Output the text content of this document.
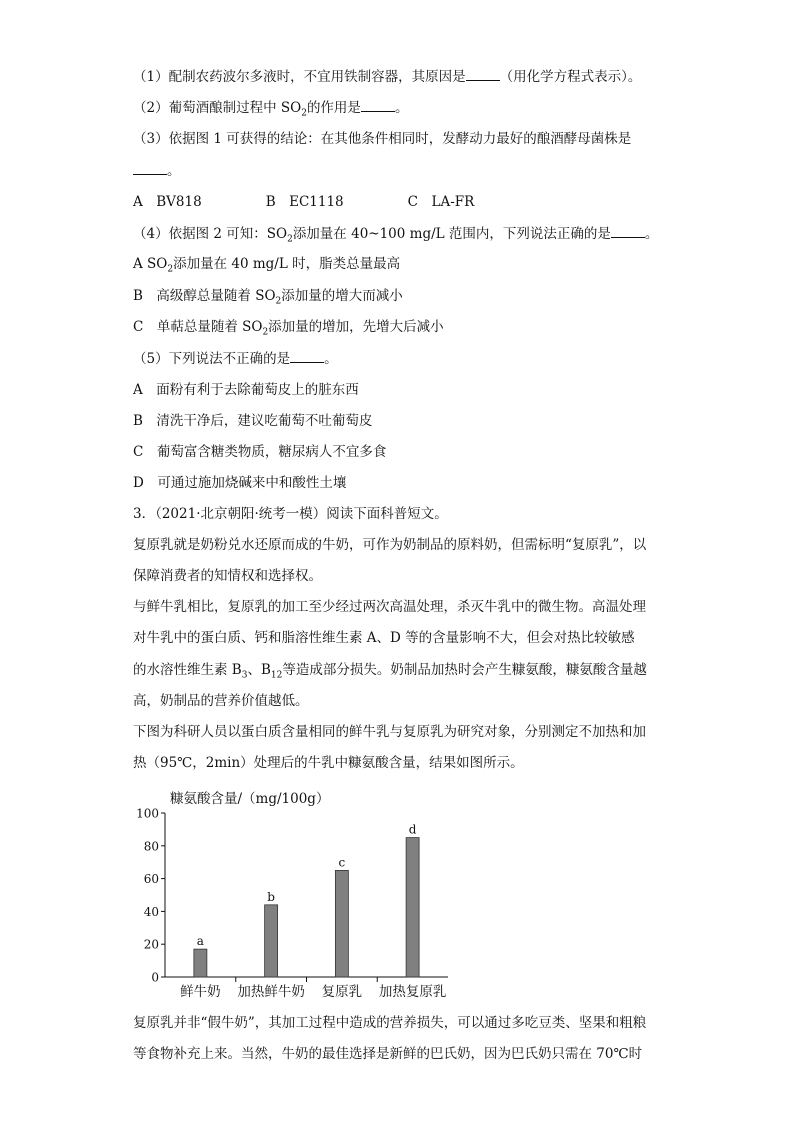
（1）配制农药波尔多液时，不宜用铁制容器，其原因是	（用化学方程式表示）。
（2）葡萄酒酿制过程中 $SO_2$的作用是	。
（3）依据图 1 可获得的结论：在其他条件相同时，发酵动力最好的酿酒酵母菌株是
。
A　BV818	B　EC1118	C　LA-FR
（4）依据图 2 可知：$SO_2$添加量在 40~100 mg/L 范围内，下列说法正确的是	。
A $SO_2$添加量在 40 mg/L 时，脂类总量最高
B　高级醇总量随着 $SO_2$添加量的增大而减小
C　单萜总量随着 $SO_2$添加量的增加，先增大后减小
（5）下列说法不正确的是	。
A　面粉有利于去除葡萄皮上的脏东西
B　清洗干净后，建议吃葡萄不吐葡萄皮
C　葡萄富含糖类物质，糖尿病人不宜多食
D　可通过施加烧碱来中和酸性土壤
3．（2021·北京朝阳·统考一模）阅读下面科普短文。
复原乳就是奶粉兑水还原而成的牛奶，可作为奶制品的原料奶，但需标明“复原乳”，以
保障消费者的知情权和选择权。
与鲜牛乳相比，复原乳的加工至少经过两次高温处理，杀灭牛乳中的微生物。高温处理
对牛乳中的蛋白质、钙和脂溶性维生素 A、D 等的含量影响不大，但会对热比较敏感
的水溶性维生素 $B_3$、$B_{12}$等造成部分损失。奶制品加热时会产生糠氨酸，糠氨酸含量越
高，奶制品的营养价值越低。
下图为科研人员以蛋白质含量相同的鲜牛乳与复原乳为研究对象，分别测定不加热和加
热（95℃，2min）处理后的牛乳中糠氨酸含量，结果如图所示。
糠氨酸含量/（mg/100g）
0
20
40
60
80
100
a
鲜牛奶
b
加热鲜牛奶
c
复原乳
d
加热复原乳
复原乳并非“假牛奶”，其加工过程中造成的营养损失，可以通过多吃豆类、坚果和粗粮
等食物补充上来。当然，牛奶的最佳选择是新鲜的巴氏奶，因为巴氏奶只需在 70℃时
